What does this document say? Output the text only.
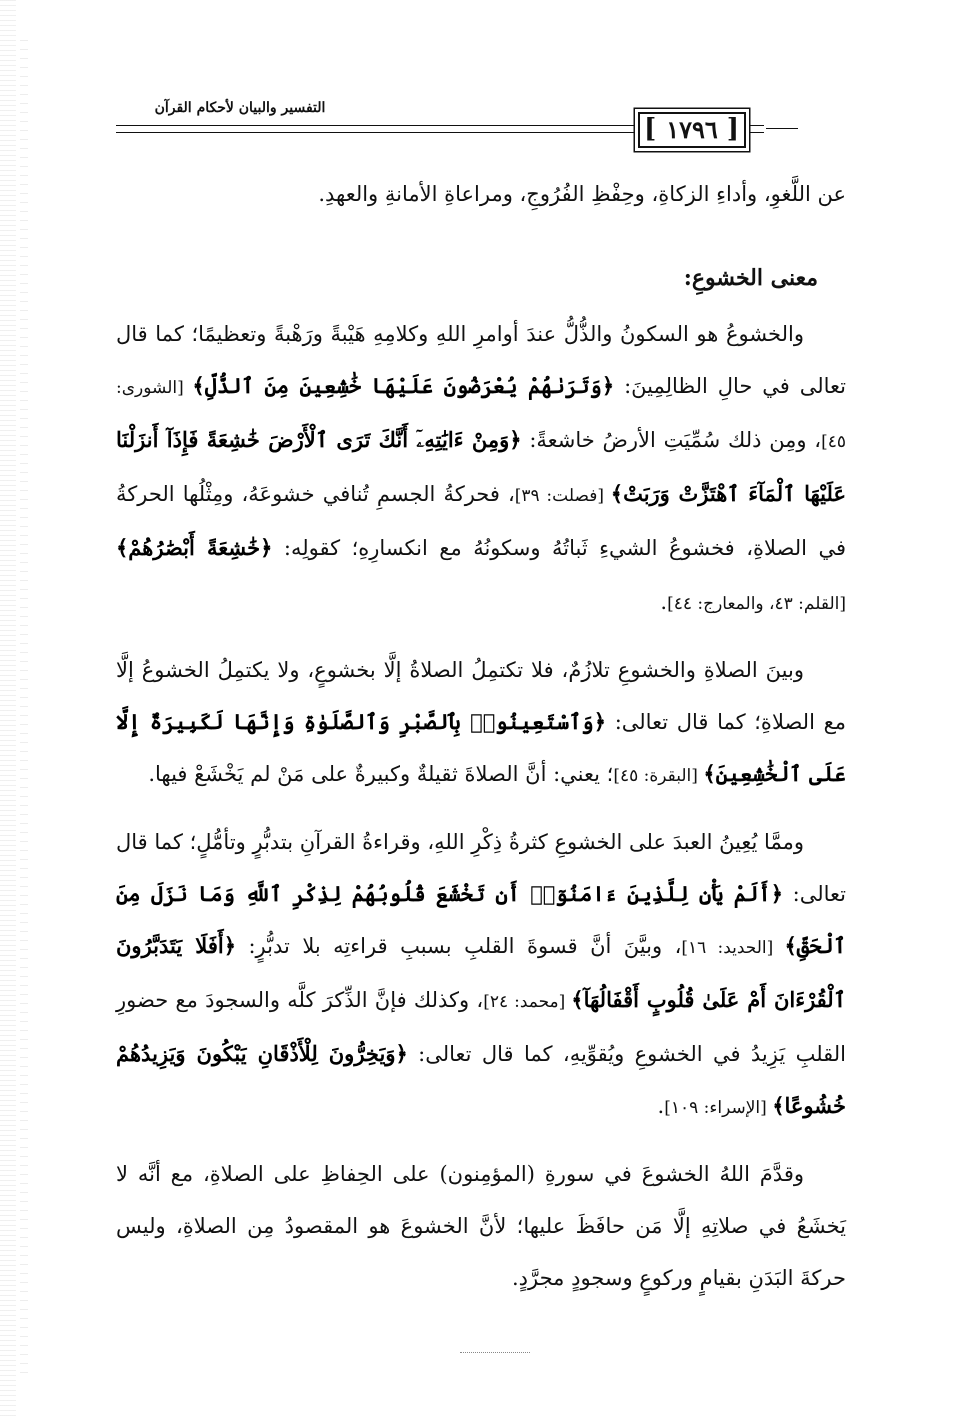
التفسير والبيان لأحكام القرآن
[ ١٧٩٦ ]

عن اللَّغوِ، وأداءِ الزكاةِ، وحِفْظِ الفُرُوجِ، ومراعاةِ الأمانةِ والعهدِ.

معنى الخشوعِ:

والخشوعُ هو السكونُ والذُّلُّ عندَ أوامرِ اللهِ وكلامِهِ هَيْبةً ورَهْبةً وتعظيمًا؛ كما قال تعالى في حالِ الظالِمِينَ: ﴿وَتَرَىٰهُمْ يُعْرَضُونَ عَلَيْهَا خَٰشِعِينَ مِنَ ٱلذُّلِّ﴾ [الشورى: ٤٥]، ومِن ذلك سُمِّيَتِ الأرضُ خاشعةً: ﴿وَمِنْ ءَايَٰتِهِۦٓ أَنَّكَ تَرَى ٱلْأَرْضَ خَٰشِعَةً فَإِذَآ أَنزَلْنَا عَلَيْهَا ٱلْمَآءَ ٱهْتَزَّتْ وَرَبَتْ﴾ [فصلت: ٣٩]، فحركةُ الجسمِ تُنافي خشوعَهُ، ومِثْلُها الحركةُ في الصلاةِ، فخشوعُ الشيءِ ثَباتُهُ وسكونُهُ مع انكسارِهِ؛ كقولِه: ﴿خَٰشِعَةً أَبْصَٰرُهُمْ﴾ [القلم: ٤٣، والمعارج: ٤٤].

وبينَ الصلاةِ والخشوعِ تلازُمٌ، فلا تكتمِلُ الصلاةُ إلَّا بخشوعٍ، ولا يكتمِلُ الخشوعُ إلَّا مع الصلاةِ؛ كما قال تعالى: ﴿وَٱسْتَعِينُوا۟ بِٱلصَّبْرِ وَٱلصَّلَوٰةِ وَإِنَّهَا لَكَبِيرَةٌ إِلَّا عَلَى ٱلْخَٰشِعِينَ﴾ [البقرة: ٤٥]؛ يعني: أنَّ الصلاةَ ثقيلةٌ وكبيرةٌ على مَنْ لم يَخْشَعْ فيها.

وممَّا يُعِينُ العبدَ على الخشوعِ كثرةُ ذِكْرِ اللهِ، وقراءةُ القرآنِ بتدبُّرٍ وتأمُّلٍ؛ كما قال تعالى: ﴿أَلَمْ يَأْنِ لِلَّذِينَ ءَامَنُوٓا۟ أَن تَخْشَعَ قُلُوبُهُمْ لِذِكْرِ ٱللَّهِ وَمَا نَزَلَ مِنَ ٱلْحَقِّ﴾ [الحديد: ١٦]، وبيَّنَ أنَّ قسوةَ القلبِ بسببِ قراءتِه بلا تدبُّرٍ: ﴿أَفَلَا يَتَدَبَّرُونَ ٱلْقُرْءَانَ أَمْ عَلَىٰ قُلُوبٍ أَقْفَالُهَآ﴾ [محمد: ٢٤]، وكذلك فإنَّ الذِّكرَ كلَّه والسجودَ مع حضورِ القلبِ يَزِيدُ في الخشوعِ ويُقوِّيهِ، كما قال تعالى: ﴿وَيَخِرُّونَ لِلْأَذْقَانِ يَبْكُونَ وَيَزِيدُهُمْ خُشُوعًا﴾ [الإسراء: ١٠٩].

وقدَّمَ اللهُ الخشوعَ في سورةِ (المؤمِنون) على الحِفاظِ على الصلاةِ، مع أنَّه لا يَخشَعُ في صلاتِهِ إلَّا مَن حافَظَ عليها؛ لأنَّ الخشوعَ هو المقصودُ مِن الصلاةِ، وليس حركةَ البَدَنِ بقيامٍ وركوعٍ وسجودٍ مجرَّدٍ.
